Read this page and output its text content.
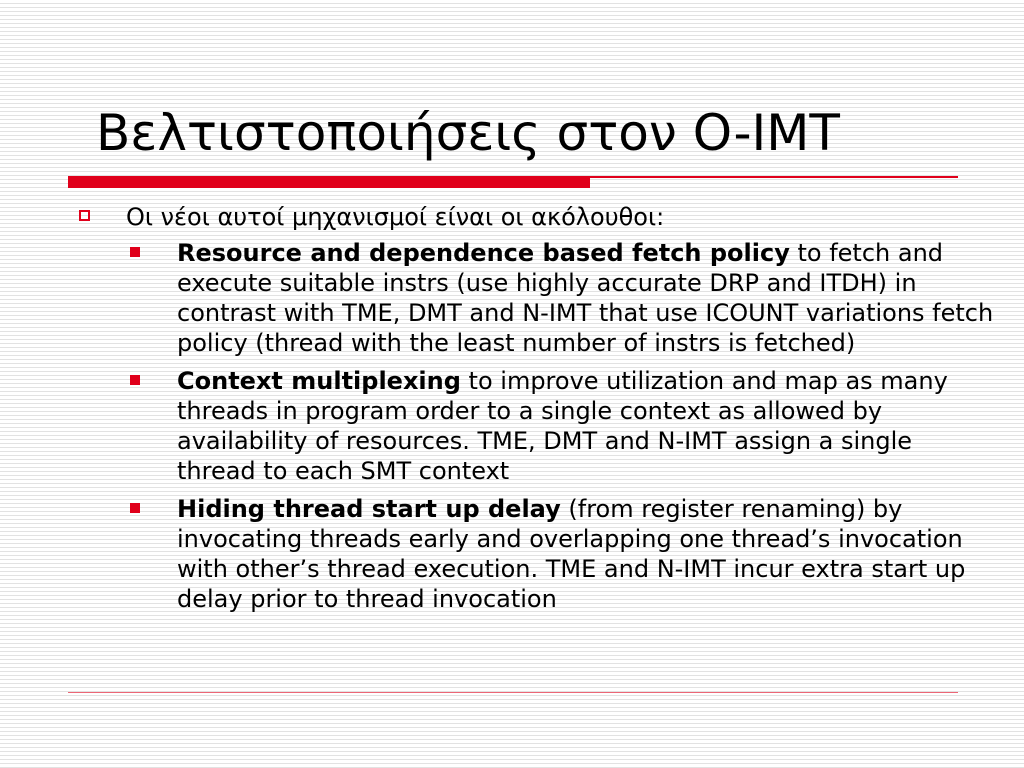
Βελτιστοποιήσεις στον O-IMT
Οι νέοι αυτοί μηχανισμοί είναι οι ακόλουθοι:
Resource and dependence based fetch policy to fetch and execute suitable instrs (use highly accurate DRP and ITDH) in contrast with TME, DMT and N-IMT that use ICOUNT variations fetch policy (thread with the least number of instrs is fetched)
Context multiplexing to improve utilization and map as many threads in program order to a single context as allowed by availability of resources. TME, DMT and N-IMT assign a single thread to each SMT context
Hiding thread start up delay (from register renaming) by invocating threads early and overlapping one thread’s invocation with other’s thread execution. TME and N-IMT incur extra start up delay prior to thread invocation
